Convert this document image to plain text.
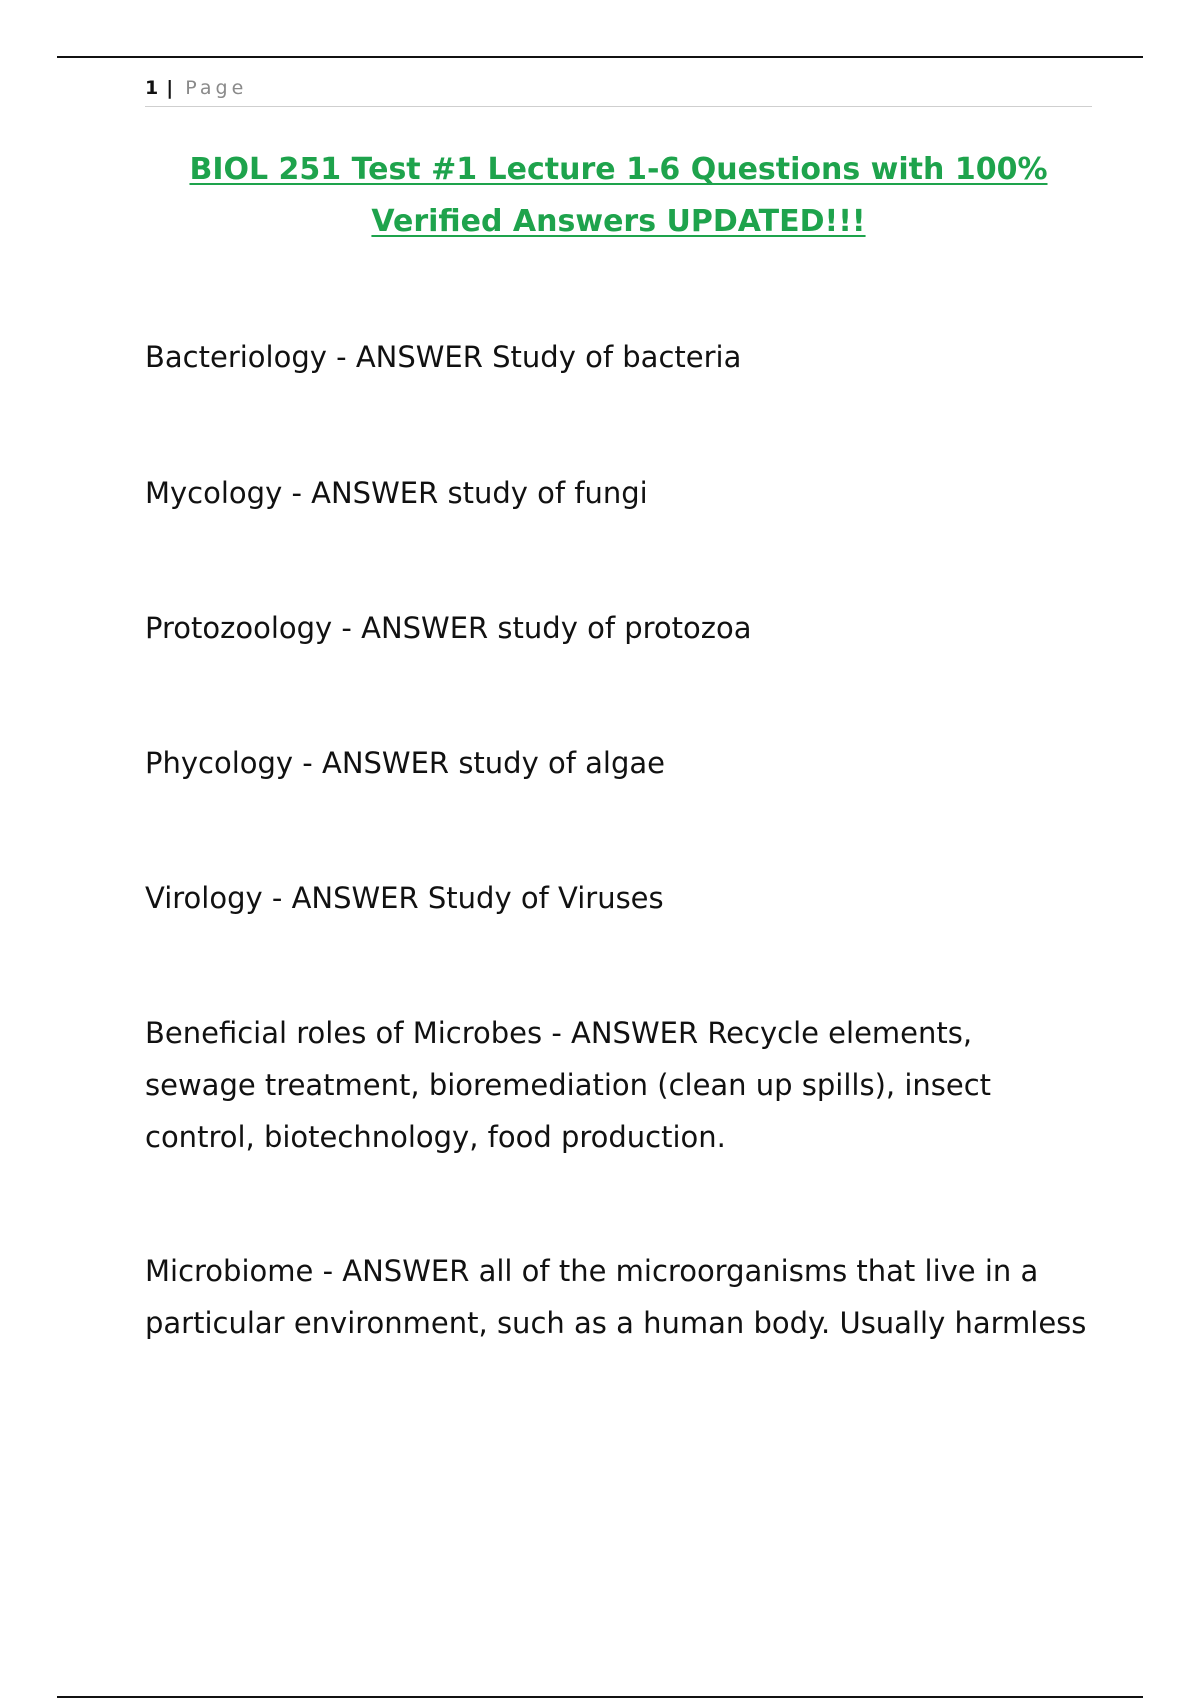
1 | Page
BIOL 251 Test #1 Lecture 1-6 Questions with 100% Verified Answers UPDATED!!!
Bacteriology - ANSWER Study of bacteria
Mycology - ANSWER study of fungi
Protozoology - ANSWER study of protozoa
Phycology - ANSWER study of algae
Virology - ANSWER Study of Viruses
Beneficial roles of Microbes - ANSWER Recycle elements, sewage treatment, bioremediation (clean up spills), insect control, biotechnology, food production.
Microbiome - ANSWER all of the microorganisms that live in a particular environment, such as a human body. Usually harmless
